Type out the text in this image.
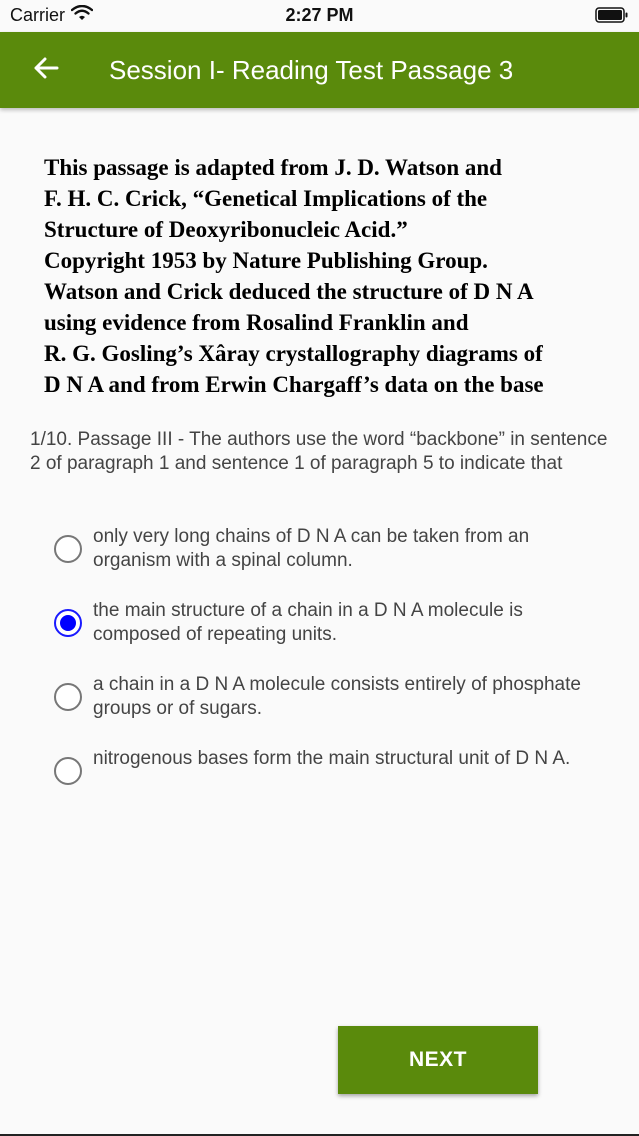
Carrier	2:27 PM
Session I- Reading Test Passage 3
This passage is adapted from J. D. Watson and
F. H. C. Crick, “Genetical Implications of the
Structure of Deoxyribonucleic Acid.”
Copyright 1953 by Nature Publishing Group.
Watson and Crick deduced the structure of D N A
using evidence from Rosalind Franklin and
R. G. Gosling’s Xâray crystallography diagrams of
D N A and from Erwin Chargaff’s data on the base
1/10. Passage III - The authors use the word “backbone” in sentence 2 of paragraph 1 and sentence 1 of paragraph 5 to indicate that
only very long chains of D N A can be taken from an organism with a spinal column.
the main structure of a chain in a D N A molecule is composed of repeating units.
a chain in a D N A molecule consists entirely of phosphate groups or of sugars.
nitrogenous bases form the main structural unit of D N A.
NEXT
